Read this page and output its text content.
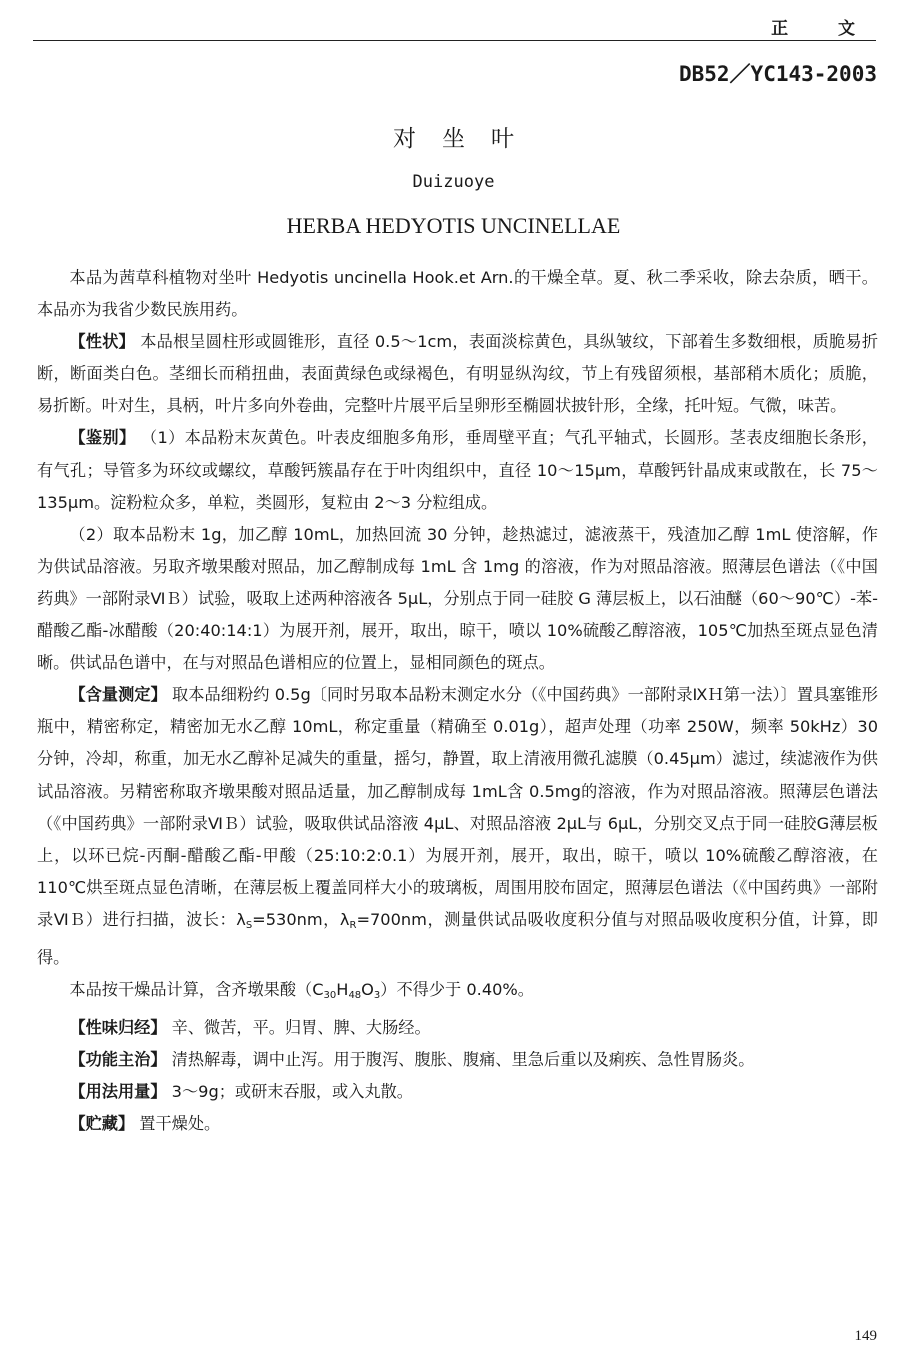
正 文
DB52／YC143-2003
对坐叶
Duizuoye
HERBA HEDYOTIS UNCINELLAE

本品为茜草科植物对坐叶 Hedyotis uncinella Hook.et Arn.的干燥全草。夏、秋二季采收，除去杂质，晒干。本品亦为我省少数民族用药。

【性状】 本品根呈圆柱形或圆锥形，直径 0.5～1cm，表面淡棕黄色，具纵皱纹，下部着生多数细根，质脆易折断，断面类白色。茎细长而稍扭曲，表面黄绿色或绿褐色，有明显纵沟纹，节上有残留须根，基部稍木质化；质脆，易折断。叶对生，具柄，叶片多向外卷曲，完整叶片展平后呈卵形至椭圆状披针形，全缘，托叶短。气微，味苦。

【鉴别】 （1）本品粉末灰黄色。叶表皮细胞多角形，垂周壁平直；气孔平轴式，长圆形。茎表皮细胞长条形，有气孔；导管多为环纹或螺纹，草酸钙簇晶存在于叶肉组织中，直径 10～15μm，草酸钙针晶成束或散在，长 75～135μm。淀粉粒众多，单粒，类圆形，复粒由 2～3 分粒组成。

（2）取本品粉末 1g，加乙醇 10mL，加热回流 30 分钟，趁热滤过，滤液蒸干，残渣加乙醇 1mL 使溶解，作为供试品溶液。另取齐墩果酸对照品，加乙醇制成每 1mL 含 1mg 的溶液，作为对照品溶液。照薄层色谱法（《中国药典》一部附录ⅥＢ）试验，吸取上述两种溶液各 5μL，分别点于同一硅胶 G 薄层板上，以石油醚（60～90℃）-苯-醋酸乙酯-冰醋酸（20:40:14:1）为展开剂，展开，取出，晾干，喷以 10%硫酸乙醇溶液，105℃加热至斑点显色清晰。供试品色谱中，在与对照品色谱相应的位置上，显相同颜色的斑点。

【含量测定】 取本品细粉约 0.5g〔同时另取本品粉末测定水分（《中国药典》一部附录ⅨＨ第一法）〕置具塞锥形瓶中，精密称定，精密加无水乙醇 10mL，称定重量（精确至 0.01g），超声处理（功率 250W，频率 50kHz）30 分钟，冷却，称重，加无水乙醇补足减失的重量，摇匀，静置，取上清液用微孔滤膜（0.45μm）滤过，续滤液作为供试品溶液。另精密称取齐墩果酸对照品适量，加乙醇制成每 1mL含 0.5mg的溶液，作为对照品溶液。照薄层色谱法（《中国药典》一部附录ⅥＢ）试验，吸取供试品溶液 4μL、对照品溶液 2μL与 6μL，分别交叉点于同一硅胶G薄层板上，以环已烷-丙酮-醋酸乙酯-甲酸（25:10:2:0.1）为展开剂，展开，取出，晾干，喷以 10%硫酸乙醇溶液，在 110℃烘至斑点显色清晰，在薄层板上覆盖同样大小的玻璃板，周围用胶布固定，照薄层色谱法（《中国药典》一部附录ⅥＢ）进行扫描，波长：$\lambda_S=530nm$，$\lambda_R=700nm$，测量供试品吸收度积分值与对照品吸收度积分值，计算，即得。

本品按干燥品计算，含齐墩果酸$(C_{30}H_{48}O_3)$不得少于 0.40%。

【性味归经】 辛、微苦，平。归胃、脾、大肠经。

【功能主治】 清热解毒，调中止泻。用于腹泻、腹胀、腹痛、里急后重以及痢疾、急性胃肠炎。

【用法用量】 3～9g；或研末吞服，或入丸散。

【贮藏】 置干燥处。

149
